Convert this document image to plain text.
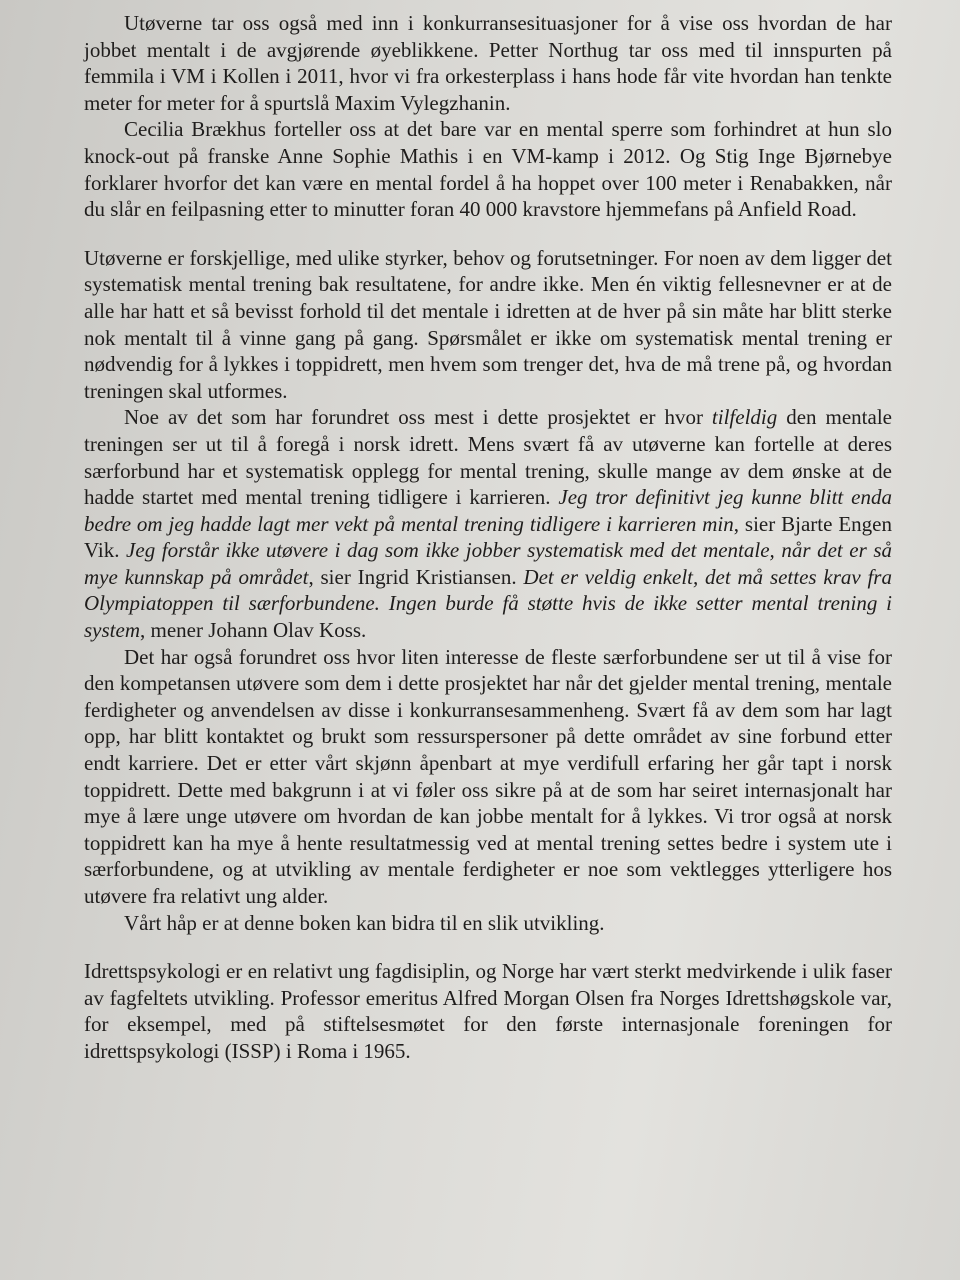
Utøverne tar oss også med inn i konkurransesituasjoner for å vise oss hvordan de har jobbet mentalt i de avgjørende øyeblikkene. Petter Northug tar oss med til innspurten på femmila i VM i Kollen i 2011, hvor vi fra orkesterplass i hans hode får vite hvordan han tenkte meter for meter for å spurtslå Maxim Vylegzhanin.

Cecilia Brækhus forteller oss at det bare var en mental sperre som forhindret at hun slo knock-out på franske Anne Sophie Mathis i en VM-kamp i 2012. Og Stig Inge Bjørnebye forklarer hvorfor det kan være en mental fordel å ha hoppet over 100 meter i Renabakken, når du slår en feilpasning etter to minutter foran 40 000 kravstore hjemmefans på Anfield Road.

Utøverne er forskjellige, med ulike styrker, behov og forutsetninger. For noen av dem ligger det systematisk mental trening bak resultatene, for andre ikke. Men én viktig fellesnevner er at de alle har hatt et så bevisst forhold til det mentale i idretten at de hver på sin måte har blitt sterke nok mentalt til å vinne gang på gang. Spørsmålet er ikke om systematisk mental trening er nødvendig for å lykkes i toppidrett, men hvem som trenger det, hva de må trene på, og hvordan treningen skal utformes.

Noe av det som har forundret oss mest i dette prosjektet er hvor tilfeldig den mentale treningen ser ut til å foregå i norsk idrett. Mens svært få av utøverne kan fortelle at deres særforbund har et systematisk opplegg for mental trening, skulle mange av dem ønske at de hadde startet med mental trening tidligere i karrieren. Jeg tror definitivt jeg kunne blitt enda bedre om jeg hadde lagt mer vekt på mental trening tidligere i karrieren min, sier Bjarte Engen Vik. Jeg forstår ikke utøvere i dag som ikke jobber systematisk med det mentale, når det er så mye kunnskap på området, sier Ingrid Kristiansen. Det er veldig enkelt, det må settes krav fra Olympiatoppen til særforbundene. Ingen burde få støtte hvis de ikke setter mental trening i system, mener Johann Olav Koss.

Det har også forundret oss hvor liten interesse de fleste særforbundene ser ut til å vise for den kompetansen utøvere som dem i dette prosjektet har når det gjelder mental trening, mentale ferdigheter og anvendelsen av disse i konkurransesammenheng. Svært få av dem som har lagt opp, har blitt kontaktet og brukt som ressurspersoner på dette området av sine forbund etter endt karriere. Det er etter vårt skjønn åpenbart at mye verdifull erfaring her går tapt i norsk toppidrett. Dette med bakgrunn i at vi føler oss sikre på at de som har seiret internasjonalt har mye å lære unge utøvere om hvordan de kan jobbe mentalt for å lykkes. Vi tror også at norsk toppidrett kan ha mye å hente resultatmessig ved at mental trening settes bedre i system ute i særforbundene, og at utvikling av mentale ferdigheter er noe som vektlegges ytterligere hos utøvere fra relativt ung alder.

Vårt håp er at denne boken kan bidra til en slik utvikling.

Idrettspsykologi er en relativt ung fagdisiplin, og Norge har vært sterkt medvirkende i ulik faser av fagfeltets utvikling. Professor emeritus Alfred Morgan Olsen fra Norges Idrettshøgskole var, for eksempel, med på stiftelsesmøtet for den første internasjonale foreningen for idrettspsykologi (ISSP) i Roma i 1965.
